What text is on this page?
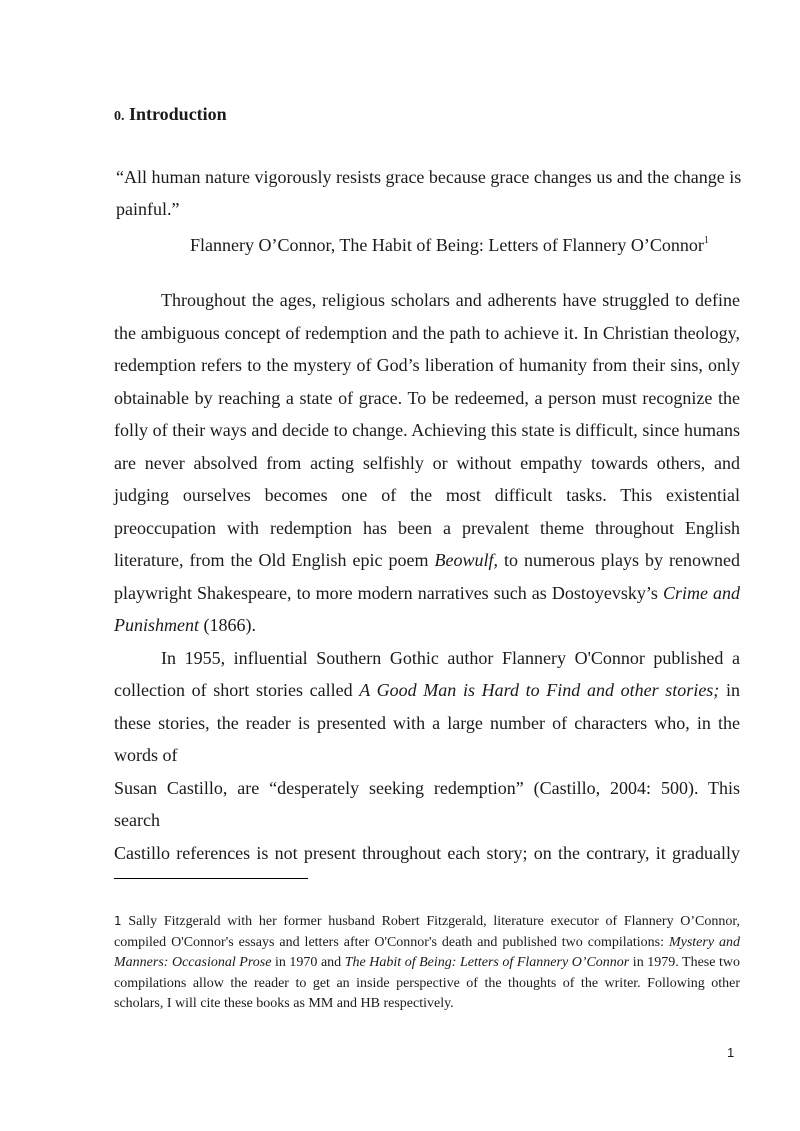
0. Introduction
“All human nature vigorously resists grace because grace changes us and the change is painful.”
Flannery O’Connor, The Habit of Being: Letters of Flannery O’Connor$^1$

Throughout the ages, religious scholars and adherents have struggled to define the ambiguous concept of redemption and the path to achieve it. In Christian theology, redemption refers to the mystery of God’s liberation of humanity from their sins, only obtainable by reaching a state of grace. To be redeemed, a person must recognize the folly of their ways and decide to change. Achieving this state is difficult, since humans are never absolved from acting selfishly or without empathy towards others, and judging ourselves becomes one of the most difficult tasks. This existential preoccupation with redemption has been a prevalent theme throughout English literature, from the Old English epic poem Beowulf, to numerous plays by renowned playwright Shakespeare, to more modern narratives such as Dostoyevsky’s Crime and Punishment (1866).

In 1955, influential Southern Gothic author Flannery O'Connor published a collection of short stories called A Good Man is Hard to Find and other stories; in these stories, the reader is presented with a large number of characters who, in the words of

Susan Castillo, are “desperately seeking redemption” (Castillo, 2004: 500). This search

Castillo references is not present throughout each story; on the contrary, it gradually

1 Sally Fitzgerald with her former husband Robert Fitzgerald, literature executor of Flannery O’Connor, compiled O'Connor's essays and letters after O'Connor's death and published two compilations: Mystery and Manners: Occasional Prose in 1970 and The Habit of Being: Letters of Flannery O’Connor in 1979. These two compilations allow the reader to get an inside perspective of the thoughts of the writer. Following other scholars, I will cite these books as MM and HB respectively.
1
